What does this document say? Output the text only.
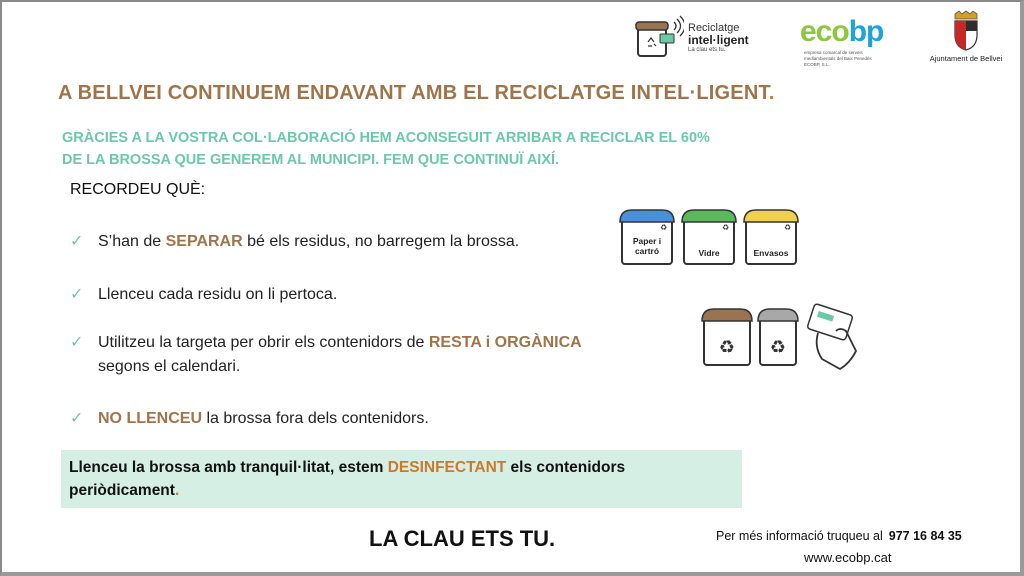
Reciclatge
intel·ligent
La clau ets tu.
ecobp
empresa comarcal de serveis mediambientals del Baix Penedès ECOBP, S.L.
Ajuntament de Bellvei
A BELLVEI CONTINUEM ENDAVANT AMB EL RECICLATGE INTEL·LIGENT.
GRÀCIES A LA VOSTRA COL·LABORACIÓ HEM ACONSEGUIT ARRIBAR A RECICLAR EL 60%
DE LA BROSSA QUE GENEREM AL MUNICIPI. FEM QUE CONTINUÏ AIXÍ.
RECORDEU QUÈ:
✓ S’han de SEPARAR bé els residus, no barregem la brossa.
✓ Llenceu cada residu on li pertoca.
✓ Utilitzeu la targeta per obrir els contenidors de RESTA i ORGÀNICA
segons el calendari.
✓ NO LLENCEU la brossa fora dels contenidors.
Paper i cartró
♻
Vidre
♻
Envasos
♻
♻ ♻
Llenceu la brossa amb tranquil·litat, estem DESINFECTANT els contenidors
periòdicament.
LA CLAU ETS TU.	Per més informació truqueu al 977 16 84 35
www.ecobp.cat
